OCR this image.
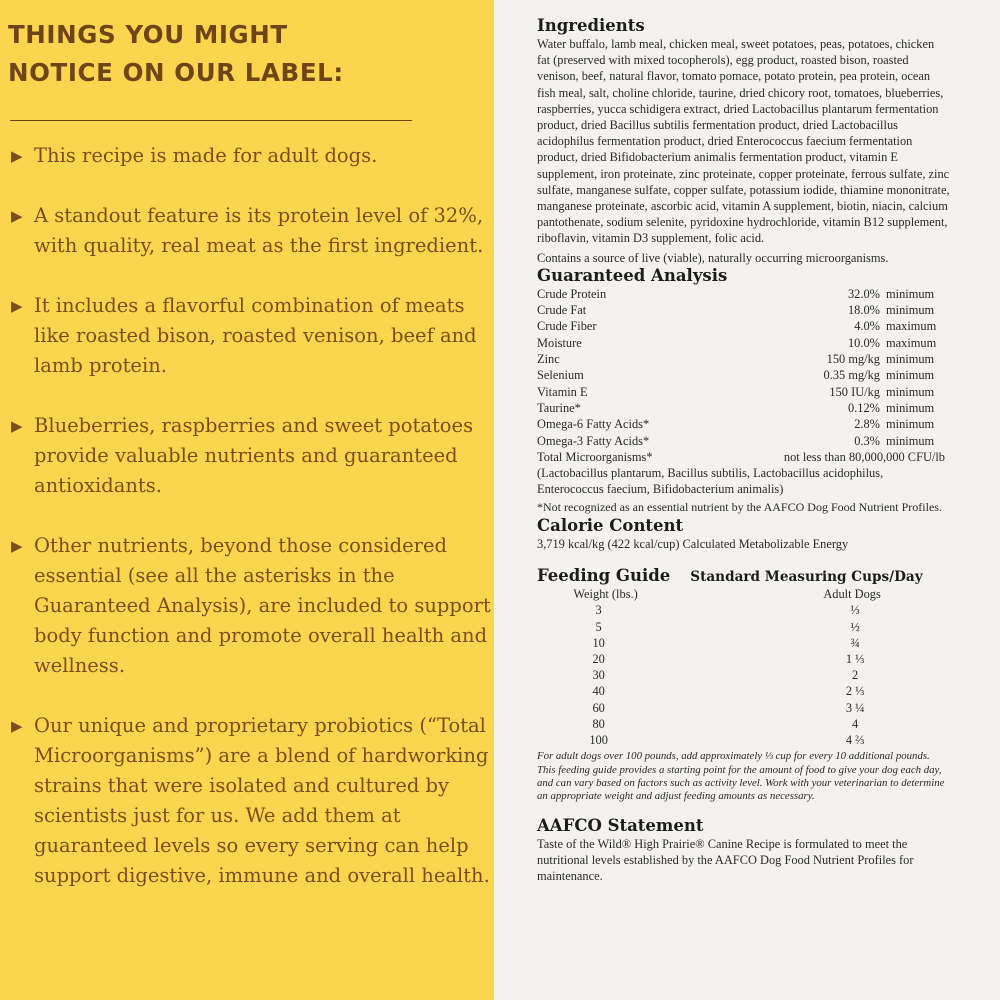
THINGS YOU MIGHT
NOTICE ON OUR LABEL:
▶ This recipe is made for adult dogs.
▶ A standout feature is its protein level of 32%, with quality, real meat as the first ingredient.
▶ It includes a flavorful combination of meats like roasted bison, roasted venison, beef and lamb protein.
▶ Blueberries, raspberries and sweet potatoes provide valuable nutrients and guaranteed antioxidants.
▶ Other nutrients, beyond those considered essential (see all the asterisks in the Guaranteed Analysis), are included to support body function and promote overall health and wellness.
▶ Our unique and proprietary probiotics (“Total Microorganisms”) are a blend of hardworking strains that were isolated and cultured by scientists just for us. We add them at guaranteed levels so every serving can help support digestive, immune and overall health.
Ingredients

Water buffalo, lamb meal, chicken meal, sweet potatoes, peas, potatoes, chicken fat (preserved with mixed tocopherols), egg product, roasted bison, roasted venison, beef, natural flavor, tomato pomace, potato protein, pea protein, ocean fish meal, salt, choline chloride, taurine, dried chicory root, tomatoes, blueberries, raspberries, yucca schidigera extract, dried Lactobacillus plantarum fermentation product, dried Bacillus subtilis fermentation product, dried Lactobacillus acidophilus fermentation product, dried Enterococcus faecium fermentation product, dried Bifidobacterium animalis fermentation product, vitamin E supplement, iron proteinate, zinc proteinate, copper proteinate, ferrous sulfate, zinc sulfate, manganese sulfate, copper sulfate, potassium iodide, thiamine mononitrate, manganese proteinate, ascorbic acid, vitamin A supplement, biotin, niacin, calcium pantothenate, sodium selenite, pyridoxine hydrochloride, vitamin B12 supplement, riboflavin, vitamin D3 supplement, folic acid.

Contains a source of live (viable), naturally occurring microorganisms.

Guaranteed Analysis
Crude Protein	32.0%	minimum
Crude Fat	18.0%	minimum
Crude Fiber	4.0%	maximum
Moisture	10.0%	maximum
Zinc	150 mg/kg	minimum
Selenium	0.35 mg/kg	minimum
Vitamin E	150 IU/kg	minimum
Taurine*	0.12%	minimum
Omega-6 Fatty Acids*	2.8%	minimum
Omega-3 Fatty Acids*	0.3%	minimum
Total Microorganisms*	not less than 80,000,000 CFU/lb

(Lactobacillus plantarum, Bacillus subtilis, Lactobacillus acidophilus, Enterococcus faecium, Bifidobacterium animalis)

*Not recognized as an essential nutrient by the AAFCO Dog Food Nutrient Profiles.

Calorie Content

3,719 kcal/kg (422 kcal/cup) Calculated Metabolizable Energy

Feeding Guide Standard Measuring Cups/Day
Weight (lbs.)	Adult Dogs
3	⅓
5	½
10	¾
20	1 ⅓
30	2
40	2 ⅓
60	3 ¼
80	4
100	4 ⅔

For adult dogs over 100 pounds, add approximately ⅓ cup for every 10 additional pounds. This feeding guide provides a starting point for the amount of food to give your dog each day, and can vary based on factors such as activity level. Work with your veterinarian to determine an appropriate weight and adjust feeding amounts as necessary.

AAFCO Statement

Taste of the Wild® High Prairie® Canine Recipe is formulated to meet the nutritional levels established by the AAFCO Dog Food Nutrient Profiles for maintenance.
